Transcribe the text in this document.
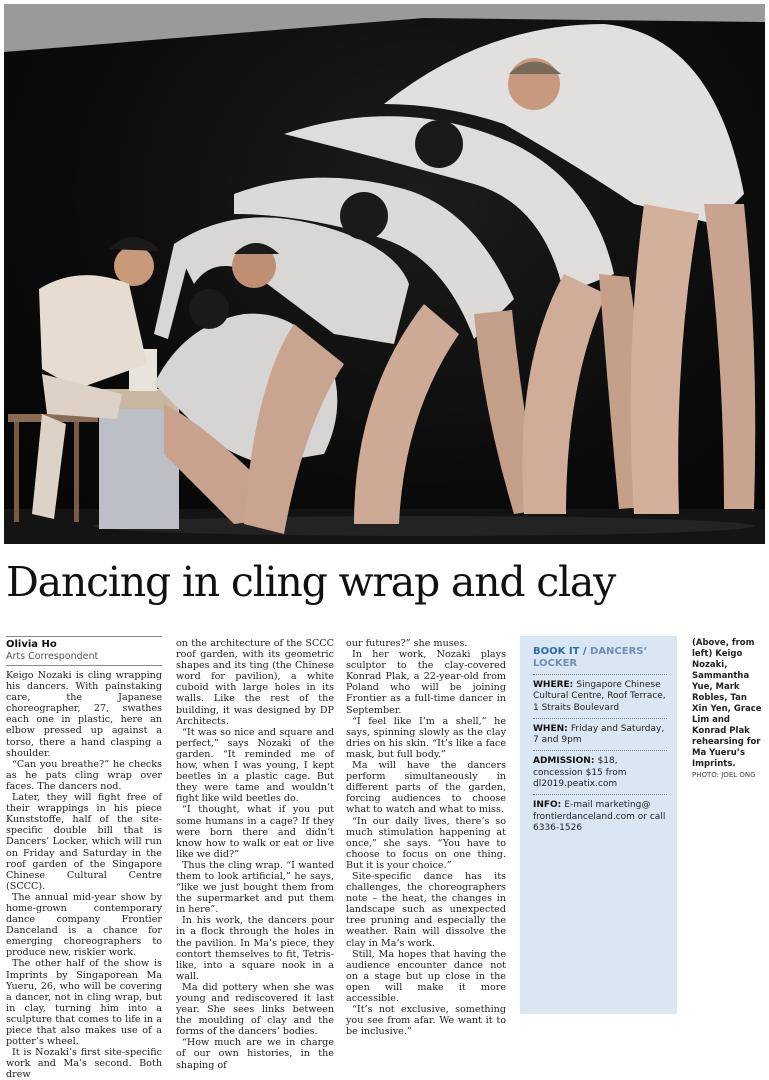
Dancing in cling wrap and clay
Olivia Ho
Arts Correspondent

Keigo Nozaki is cling wrapping his dancers. With painstaking care, the Japanese choreographer, 27, swathes each one in plastic, here an elbow pressed up against a torso, there a hand clasping a shoulder.

“Can you breathe?” he checks as he pats cling wrap over faces. The dancers nod.

Later, they will fight free of their wrappings in his piece Kunststoffe, half of the site-specific double bill that is Dancers’ Locker, which will run on Friday and Saturday in the roof garden of the Singapore Chinese Cultural Centre (SCCC).

The annual mid-year show by home-grown contemporary dance company Frontier Danceland is a chance for emerging choreographers to produce new, riskier work.

The other half of the show is Imprints by Singaporean Ma Yueru, 26, who will be covering a dancer, not in cling wrap, but in clay, turning him into a sculpture that comes to life in a piece that also makes use of a potter’s wheel.

It is Nozaki’s first site-specific work and Ma’s second. Both drew

on the architecture of the SCCC roof garden, with its geometric shapes and its ting (the Chinese word for pavilion), a white cuboid with large holes in its walls. Like the rest of the building, it was designed by DP Architects.

“It was so nice and square and perfect,” says Nozaki of the garden. “It reminded me of how, when I was young, I kept beetles in a plastic cage. But they were tame and wouldn’t fight like wild beetles do.

“I thought, what if you put some humans in a cage? If they were born there and didn’t know how to walk or eat or live like we did?”

Thus the cling wrap. “I wanted them to look artificial,” he says, “like we just bought them from the supermarket and put them in here”.

In his work, the dancers pour in a flock through the holes in the pavilion. In Ma’s piece, they contort themselves to fit, Tetris-like, into a square nook in a wall.

Ma did pottery when she was young and rediscovered it last year. She sees links between the moulding of clay and the forms of the dancers’ bodies.

“How much are we in charge of our own histories, in the shaping of

our futures?” she muses.

In her work, Nozaki plays sculptor to the clay-covered Konrad Plak, a 22-year-old from Poland who will be joining Frontier as a full-time dancer in September.

“I feel like I’m a shell,” he says, spinning slowly as the clay dries on his skin. “It’s like a face mask, but full body.”

Ma will have the dancers perform simultaneously in different parts of the garden, forcing audiences to choose what to watch and what to miss.

“In our daily lives, there’s so much stimulation happening at once,” she says. “You have to choose to focus on one thing. But it is your choice.”

Site-specific dance has its challenges, the choreographers note – the heat, the changes in landscape such as unexpected tree pruning and especially the weather. Rain will dissolve the clay in Ma’s work.

Still, Ma hopes that having the audience encounter dance not on a stage but up close in the open will make it more accessible.

“It’s not exclusive, something you see from afar. We want it to be inclusive.”

BOOK IT / DANCERS’ LOCKER
WHERE: Singapore Chinese Cultural Centre, Roof Terrace, 1 Straits Boulevard
WHEN: Friday and Saturday, 7 and 9pm
ADMISSION: $18, concession $15 from dl2019.peatix.com
INFO: E-mail marketing@ frontierdanceland.com or call 6336-1526
(Above, from left) Keigo Nozaki, Sammantha Yue, Mark Robles, Tan Xin Yen, Grace Lim and Konrad Plak rehearsing for Ma Yueru’s Imprints. PHOTO: JOEL ONG
